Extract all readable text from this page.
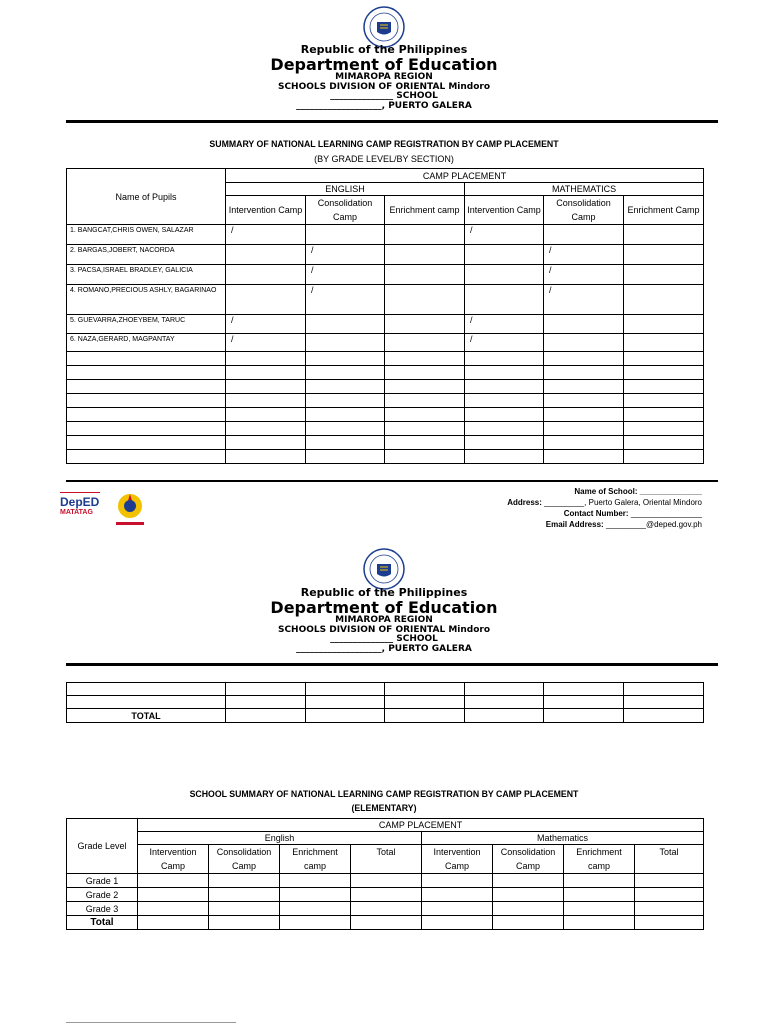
Republic of the Philippines
Department of Education
MIMAROPA REGION
SCHOOLS DIVISION OF ORIENTAL Mindoro
______________ SCHOOL
___________________, PUERTO GALERA
SUMMARY OF NATIONAL LEARNING CAMP REGISTRATION BY CAMP PLACEMENT
(BY GRADE LEVEL/BY SECTION)
Name of Pupils	CAMP PLACEMENT					
	ENGLISH			MATHEMATICS		
	Intervention Camp	Consolidation Camp	Enrichment camp	Intervention Camp	Consolidation Camp	Enrichment Camp
1. BANGCAT,CHRIS OWEN, SALAZAR	/			/		
2. BARGAS,JOBERT, NACORDA		/			/	
3. PACSA,ISRAEL BRADLEY, GALICIA		/			/	
4. ROMANO,PRECIOUS ASHLY, BAGARINAO		/			/	
5. GUEVARRA,ZHOEYBEM, TARUC	/			/		
6. NAZA,GERARD, MAGPANTAY	/			/		

DepED
MATATAG
Name of School: ______________
Address: _________, Puerto Galera, Oriental Mindoro
Contact Number: ________________
Email Address: _________@deped.gov.ph
Republic of the Philippines
Department of Education
MIMAROPA REGION
SCHOOLS DIVISION OF ORIENTAL Mindoro
______________ SCHOOL
___________________, PUERTO GALERA

TOTAL						
SCHOOL SUMMARY OF NATIONAL LEARNING CAMP REGISTRATION BY CAMP PLACEMENT
(ELEMENTARY)
Grade Level	CAMP PLACEMENT							
	English				Mathematics			
	Intervention Camp	Consolidation Camp	Enrichment camp	Total	Intervention Camp	Consolidation Camp	Enrichment camp	Total
Grade 1								
Grade 2								
Grade 3								
Total								
